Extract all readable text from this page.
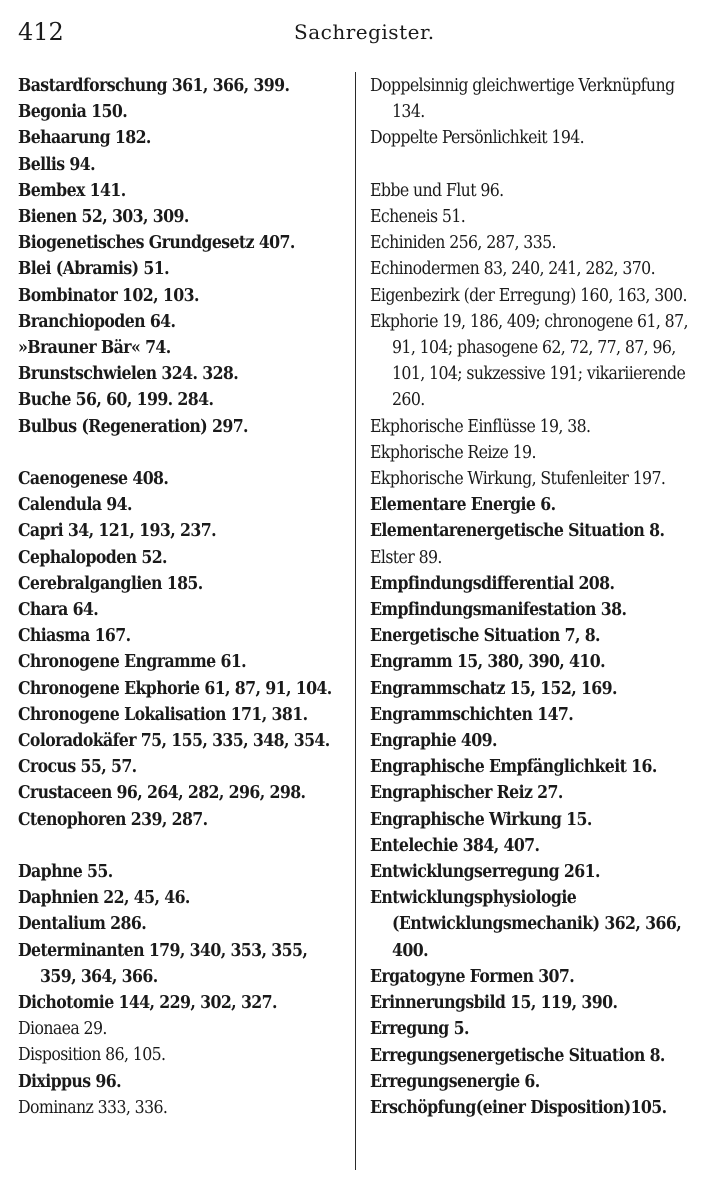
412	Sachregister.
Bastardforschung 361, 366, 399.
Begonia 150.
Behaarung 182.
Bellis 94.
Bembex 141.
Bienen 52, 303, 309.
Biogenetisches Grundgesetz 407.
Blei (Abramis) 51.
Bombinator 102, 103.
Branchiopoden 64.
»Brauner Bär« 74.
Brunstschwielen 324. 328.
Buche 56, 60, 199. 284.
Bulbus (Regeneration) 297.
Caenogenese 408.
Calendula 94.
Capri 34, 121, 193, 237.
Cephalopoden 52.
Cerebralganglien 185.
Chara 64.
Chiasma 167.
Chronogene Engramme 61.
Chronogene Ekphorie 61, 87, 91, 104.
Chronogene Lokalisation 171, 381.
Coloradokäfer 75, 155, 335, 348, 354.
Crocus 55, 57.
Crustaceen 96, 264, 282, 296, 298.
Ctenophoren 239, 287.
Daphne 55.
Daphnien 22, 45, 46.
Dentalium 286.
Determinanten 179, 340, 353, 355, 359, 364, 366.
Dichotomie 144, 229, 302, 327.
Dionaea 29.
Disposition 86, 105.
Dixippus 96.
Dominanz 333, 336.
Doppelsinnig gleichwertige Verknüpfung 134.
Doppelte Persönlichkeit 194.
Ebbe und Flut 96.
Echeneis 51.
Echiniden 256, 287, 335.
Echinodermen 83, 240, 241, 282, 370.
Eigenbezirk (der Erregung) 160, 163, 300.
Ekphorie 19, 186, 409; chronogene 61, 87, 91, 104; phasogene 62, 72, 77, 87, 96, 101, 104; sukzessive 191; vikariierende 260.
Ekphorische Einflüsse 19, 38.
Ekphorische Reize 19.
Ekphorische Wirkung, Stufenleiter 197.
Elementare Energie 6.
Elementarenergetische Situation 8.
Elster 89.
Empfindungsdifferential 208.
Empfindungsmanifestation 38.
Energetische Situation 7, 8.
Engramm 15, 380, 390, 410.
Engrammschatz 15, 152, 169.
Engrammschichten 147.
Engraphie 409.
Engraphische Empfänglichkeit 16.
Engraphischer Reiz 27.
Engraphische Wirkung 15.
Entelechie 384, 407.
Entwicklungserregung 261.
Entwicklungsphysiologie (Entwicklungsmechanik) 362, 366, 400.
Ergatogyne Formen 307.
Erinnerungsbild 15, 119, 390.
Erregung 5.
Erregungsenergetische Situation 8.
Erregungsenergie 6.
Erschöpfung(einer Disposition)105.
